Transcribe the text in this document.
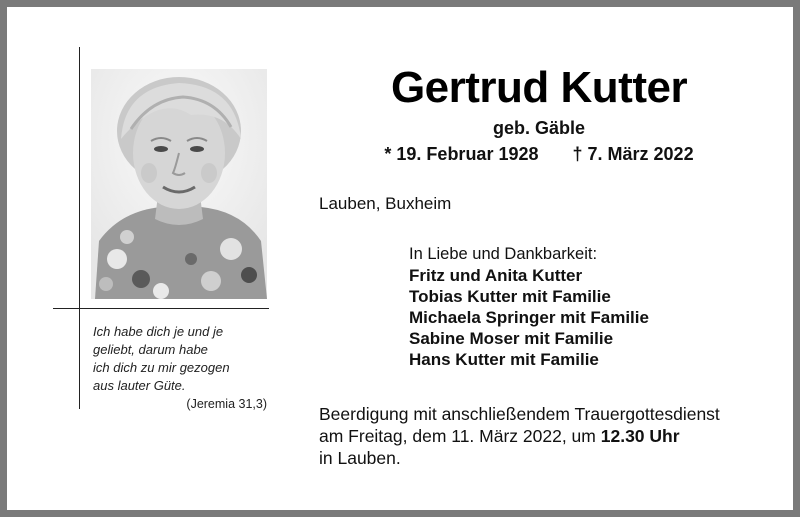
Ich habe dich je und je
geliebt, darum habe
ich dich zu mir gezogen
aus lauter Güte.
(Jeremia 31,3)
Gertrud Kutter
geb. Gäble
* 19. Februar 1928 † 7. März 2022
Lauben, Buxheim
In Liebe und Dankbarkeit:
Fritz und Anita Kutter
Tobias Kutter mit Familie
Michaela Springer mit Familie
Sabine Moser mit Familie
Hans Kutter mit Familie
Beerdigung mit anschließendem Trauergottesdienst
am Freitag, dem 11. März 2022, um 12.30 Uhr
in Lauben.
